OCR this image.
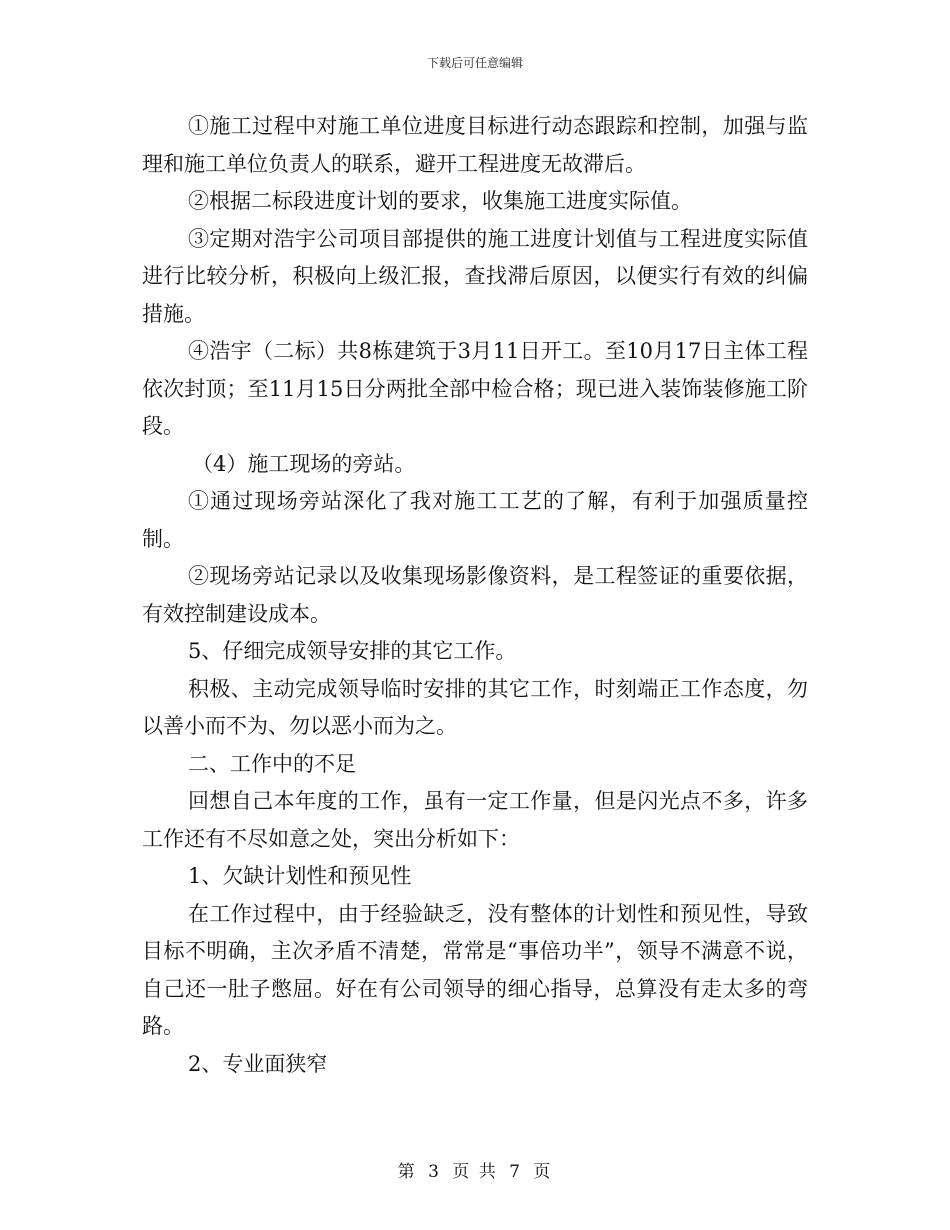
下载后可任意编辑

①施工过程中对施工单位进度目标进行动态跟踪和控制，加强与监理和施工单位负责人的联系，避开工程进度无故滞后。

②根据二标段进度计划的要求，收集施工进度实际值。

③定期对浩宇公司项目部提供的施工进度计划值与工程进度实际值进行比较分析，积极向上级汇报，查找滞后原因，以便实行有效的纠偏措施。

④浩宇（二标）共8栋建筑于3月11日开工。至10月17日主体工程依次封顶；至11月15日分两批全部中检合格；现已进入装饰装修施工阶段。

（4）施工现场的旁站。

①通过现场旁站深化了我对施工工艺的了解，有利于加强质量控制。

②现场旁站记录以及收集现场影像资料，是工程签证的重要依据，有效控制建设成本。

5、仔细完成领导安排的其它工作。

积极、主动完成领导临时安排的其它工作，时刻端正工作态度，勿以善小而不为、勿以恶小而为之。

二、工作中的不足

回想自己本年度的工作，虽有一定工作量，但是闪光点不多，许多工作还有不尽如意之处，突出分析如下：

1、欠缺计划性和预见性

在工作过程中，由于经验缺乏，没有整体的计划性和预见性，导致目标不明确，主次矛盾不清楚，常常是“事倍功半”，领导不满意不说，自己还一肚子憋屈。好在有公司领导的细心指导，总算没有走太多的弯路。

2、专业面狭窄

第 3 页 共 7 页
